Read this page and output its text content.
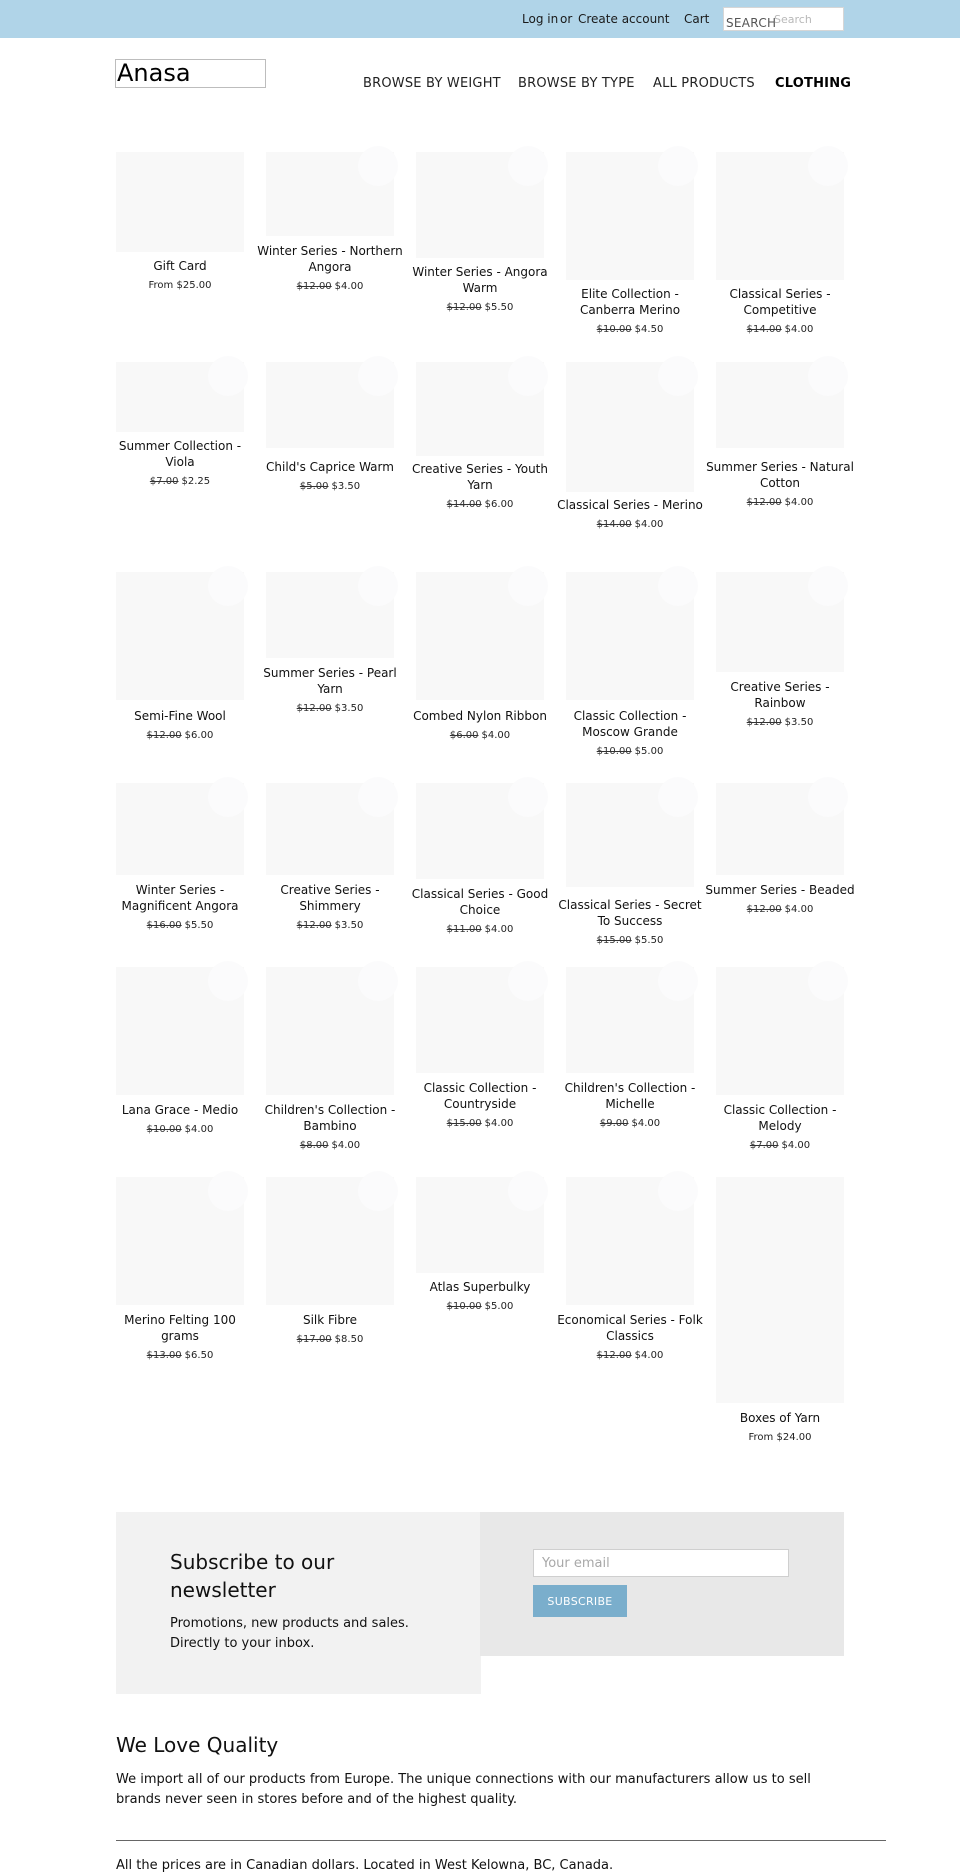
Log in or Create account Cart SEARCH
Search
Anasa	BROWSE BY WEIGHT BROWSE BY TYPE ALL PRODUCTS CLOTHING
Gift Card
From $25.00
Winter Series - Northern Angora
$12.00 $4.00
Winter Series - Angora Warm
$12.00 $5.50
Elite Collection - Canberra Merino
$10.00 $4.50
Classical Series - Competitive
$14.00 $4.00
Summer Collection - Viola
$7.00 $2.25
Child's Caprice Warm
$5.00 $3.50
Creative Series - Youth Yarn
$14.00 $6.00	Classical Series - Merino
$14.00 $4.00
Summer Series - Natural Cotton
$12.00 $4.00
Semi-Fine Wool
$12.00 $6.00
Summer Series - Pearl Yarn
$12.00 $3.50
Combed Nylon Ribbon
$6.00 $4.00
Classic Collection - Moscow Grande
$10.00 $5.00
Creative Series - Rainbow
$12.00 $3.50
Winter Series - Magnificent Angora
$16.00 $5.50
Creative Series - Shimmery
$12.00 $3.50
Classical Series - Good Choice
$11.00 $4.00
Classical Series - Secret To Success
$15.00 $5.50
Summer Series - Beaded
$12.00 $4.00
Lana Grace - Medio
$10.00 $4.00
Children's Collection - Bambino
$8.00 $4.00
Classic Collection - Countryside
$15.00 $4.00
Children's Collection - Michelle
$9.00 $4.00
Classic Collection - Melody
$7.00 $4.00
Merino Felting 100 grams
$13.00 $6.50
Silk Fibre
$17.00 $8.50
Atlas Superbulky
$10.00 $5.00
Economical Series - Folk Classics
$12.00 $4.00
Boxes of Yarn
From $24.00
Subscribe to our newsletter
Promotions, new products and sales. Directly to your inbox.
Your email
SUBSCRIBE
We Love Quality
We import all of our products from Europe. The unique connections with our manufacturers allow us to sell brands never seen in stores before and of the highest quality.
All the prices are in Canadian dollars. Located in West Kelowna, BC, Canada.
